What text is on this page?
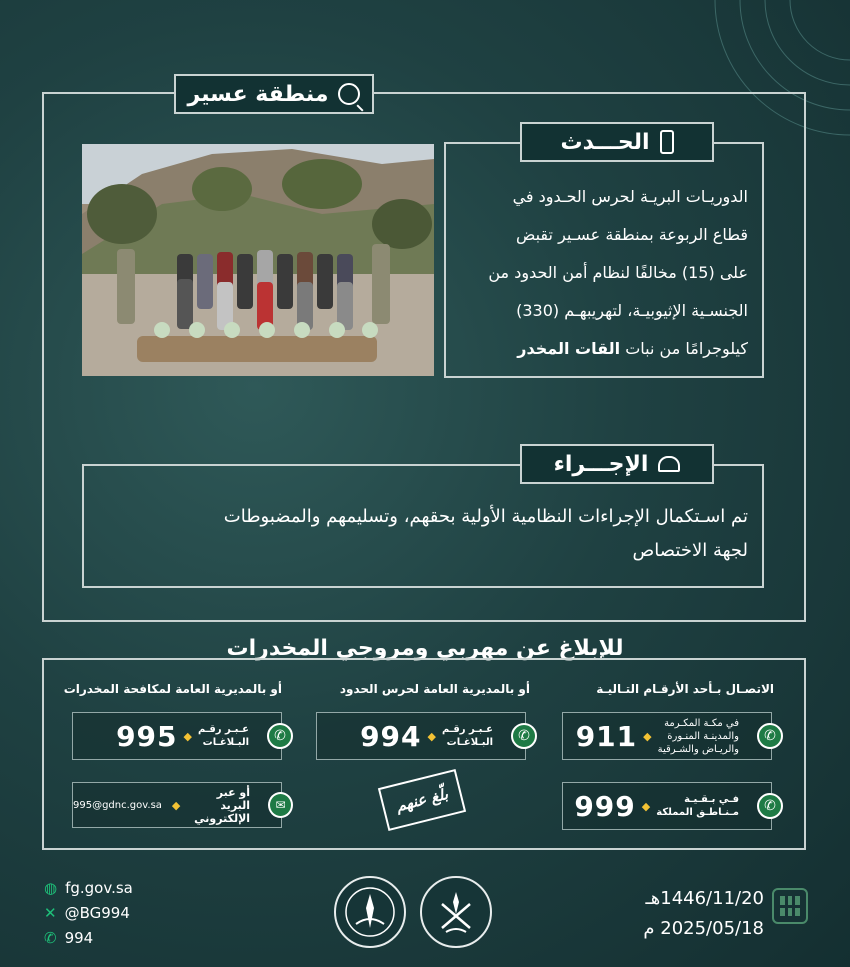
منطقة عسير
الحـــدث
الدوريـات البريـة لحرس الحـدود في
قطاع الربوعة بمنطقة عسـير تقبض
على (15) مخالفًا لنظام أمن الحدود من
الجنسـية الإثيوبيـة، لتهريبهـم (330)
كيلوجرامًا من نبات القات المخدر
الإجـــراء
تم اسـتكمال الإجراءات النظامية الأولية بحقهم، وتسليمهم والمضبوطات
لجهة الاختصاص
للإبلاغ عن مهربي ومروجي المخدرات
الاتصـال بـأحد الأرقـام التـاليـة
أو بالمديرية العامة لحرس الحدود
أو بالمديرية العامة لمكافحة المخدرات
✆
في مكـة المكـرمة
والمدينـة المنـورة
والريـاض والشـرقية
◆
911
✆
فـي بـقـيـة
مـنـاطـق المملكة
◆
999
✆
عـبـر رقـم
البـلاغـات
◆
994
✆
عـبـر رقـم
البـلاغـات
◆
995
✉
أو عبر البريد
الإلكتروني
◆
995@gdnc.gov.sa	بلّغ عنهم
◍ fg.gov.sa
✕ @BG994
✆ 994
1446/11/20هـ
2025/05/18 م
